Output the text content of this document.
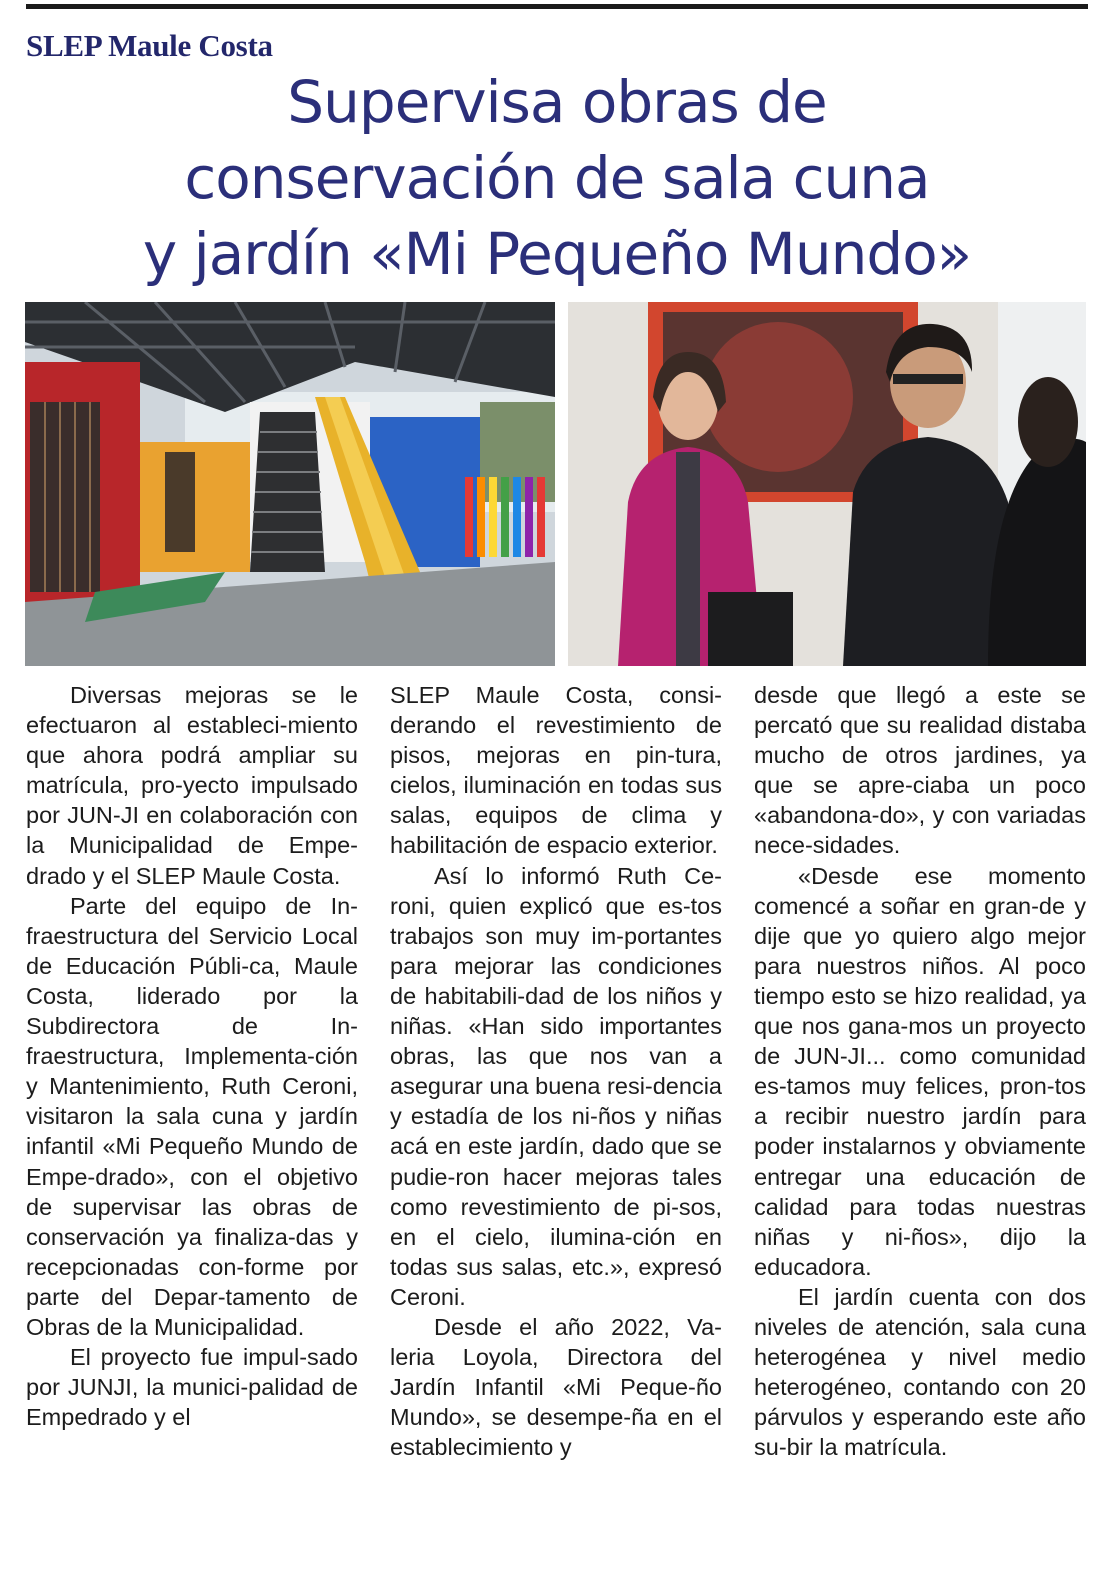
SLEP Maule Costa
Supervisa obras de
conservación de sala cuna
y jardín «Mi Pequeño Mundo»

Diversas mejoras se le efectuaron al estableci-miento que ahora podrá ampliar su matrícula, pro-yecto impulsado por JUN-JI en colaboración con la Municipalidad de Empe-drado y el SLEP Maule Costa.

Parte del equipo de In-fraestructura del Servicio Local de Educación Públi-ca, Maule Costa, liderado por la Subdirectora de In-fraestructura, Implementa-ción y Mantenimiento, Ruth Ceroni, visitaron la sala cuna y jardín infantil «Mi Pequeño Mundo de Empe-drado», con el objetivo de supervisar las obras de conservación ya finaliza-das y recepcionadas con-forme por parte del Depar-tamento de Obras de la Municipalidad.

El proyecto fue impul-sado por JUNJI, la munici-palidad de Empedrado y el

SLEP Maule Costa, consi-derando el revestimiento de pisos, mejoras en pin-tura, cielos, iluminación en todas sus salas, equipos de clima y habilitación de espacio exterior.

Así lo informó Ruth Ce-roni, quien explicó que es-tos trabajos son muy im-portantes para mejorar las condiciones de habitabili-dad de los niños y niñas. «Han sido importantes obras, las que nos van a asegurar una buena resi-dencia y estadía de los ni-ños y niñas acá en este jardín, dado que se pudie-ron hacer mejoras tales como revestimiento de pi-sos, en el cielo, ilumina-ción en todas sus salas, etc.», expresó Ceroni.

Desde el año 2022, Va-leria Loyola, Directora del Jardín Infantil «Mi Peque-ño Mundo», se desempe-ña en el establecimiento y

desde que llegó a este se percató que su realidad distaba mucho de otros jardines, ya que se apre-ciaba un poco «abandona-do», y con variadas nece-sidades.

«Desde ese momento comencé a soñar en gran-de y dije que yo quiero algo mejor para nuestros niños. Al poco tiempo esto se hizo realidad, ya que nos gana-mos un proyecto de JUN-JI... como comunidad es-tamos muy felices, pron-tos a recibir nuestro jardín para poder instalarnos y obviamente entregar una educación de calidad para todas nuestras niñas y ni-ños», dijo la educadora.

El jardín cuenta con dos niveles de atención, sala cuna heterogénea y nivel medio heterogéneo, contando con 20 párvulos y esperando este año su-bir la matrícula.
